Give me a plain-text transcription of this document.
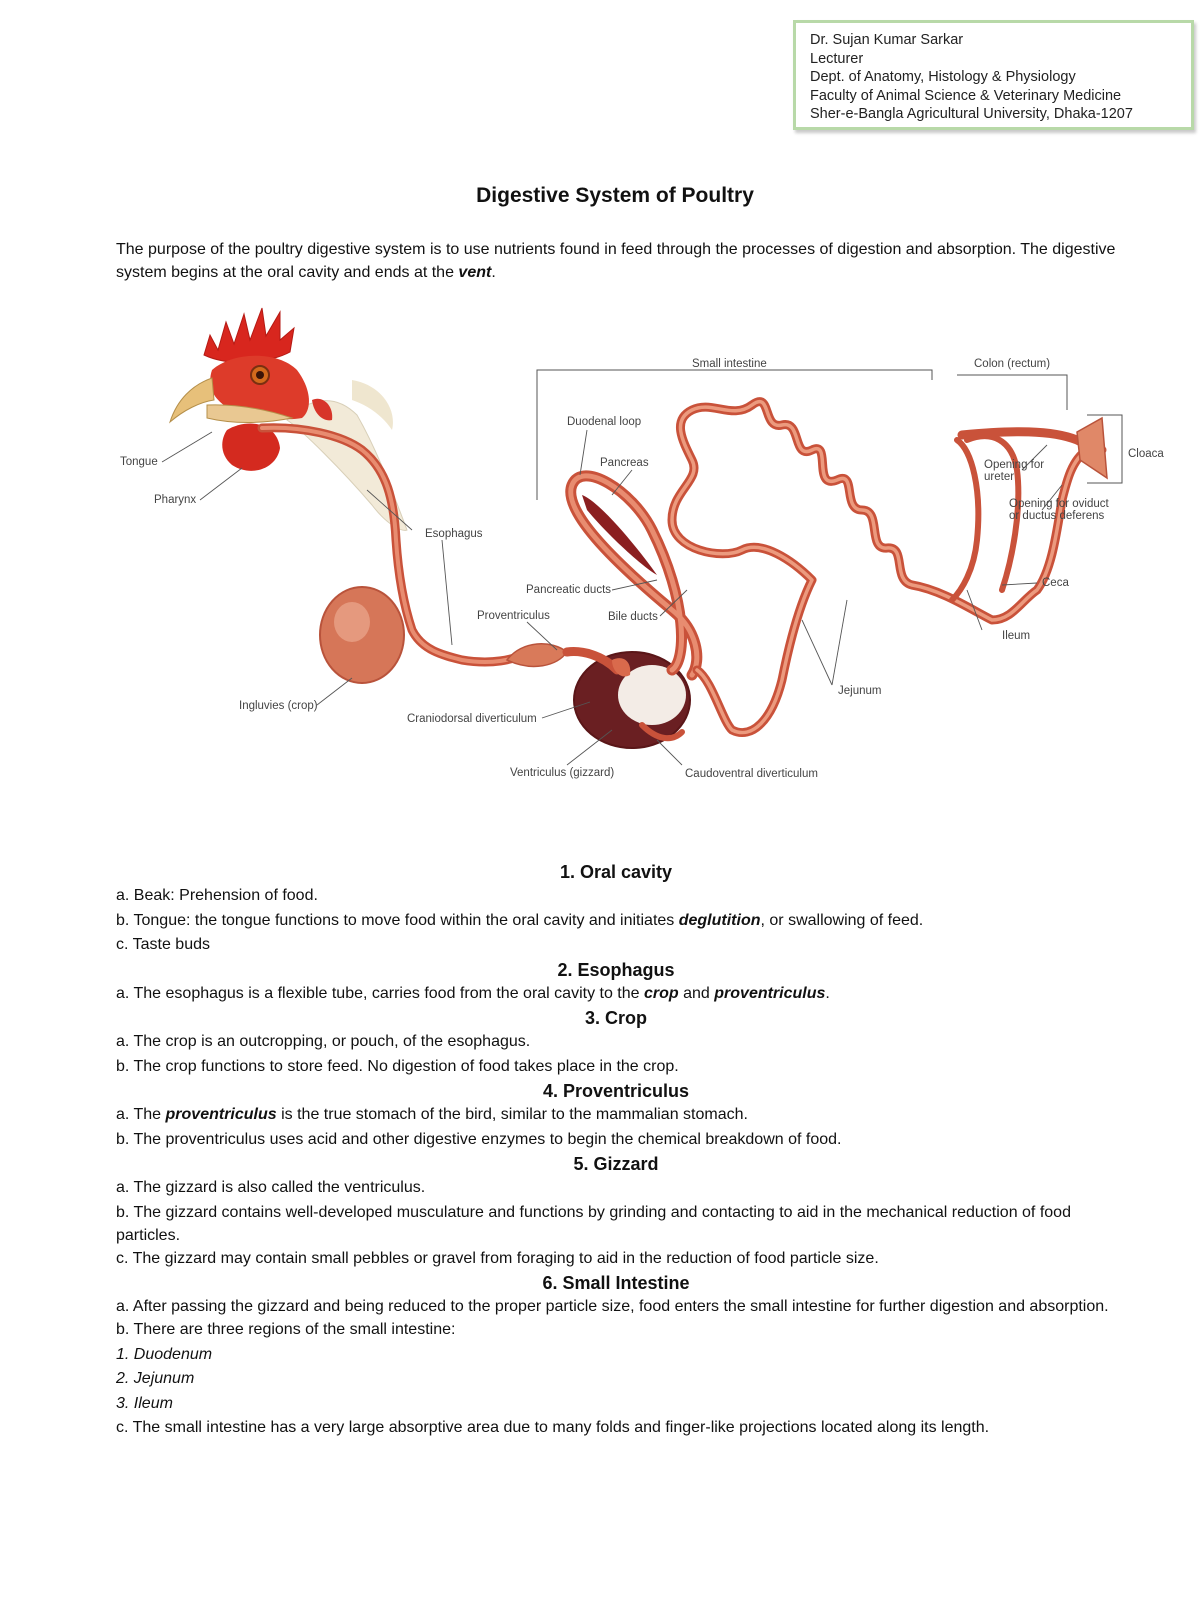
Dr. Sujan Kumar Sarkar
Lecturer
Dept. of Anatomy, Histology & Physiology
Faculty of Animal Science & Veterinary Medicine
Sher-e-Bangla Agricultural University, Dhaka-1207
Digestive System of Poultry
The purpose of the poultry digestive system is to use nutrients found in feed through the processes of digestion and absorption. The digestive system begins at the oral cavity and ends at the vent.
Tongue
Pharynx
Esophagus
Ingluvies (crop)
Proventriculus
Craniodorsal diverticulum
Ventriculus (gizzard)	Caudoventral diverticulum
Small intestine
Duodenal loop
Pancreas
Pancreatic ducts
Bile ducts
Jejunum
Colon (rectum)
Cloaca
Opening for
ureter
Opening for oviduct
or ductus deferens
Ceca
Ileum
1. Oral cavity
a. Beak: Prehension of food.
b. Tongue: the tongue functions to move food within the oral cavity and initiates deglutition, or swallowing of feed.
c. Taste buds
2. Esophagus
a. The esophagus is a flexible tube, carries food from the oral cavity to the crop and proventriculus.
3. Crop
a. The crop is an outcropping, or pouch, of the esophagus.
b. The crop functions to store feed. No digestion of food takes place in the crop.
4. Proventriculus
a. The proventriculus is the true stomach of the bird, similar to the mammalian stomach.
b. The proventriculus uses acid and other digestive enzymes to begin the chemical breakdown of food.
5. Gizzard
a. The gizzard is also called the ventriculus.
b. The gizzard contains well-developed musculature and functions by grinding and contacting to aid in the mechanical reduction of food particles.
c. The gizzard may contain small pebbles or gravel from foraging to aid in the reduction of food particle size.
6. Small Intestine
a. After passing the gizzard and being reduced to the proper particle size, food enters the small intestine for further digestion and absorption.
b. There are three regions of the small intestine:
1. Duodenum
2. Jejunum
3. Ileum
c. The small intestine has a very large absorptive area due to many folds and finger-like projections located along its length.
